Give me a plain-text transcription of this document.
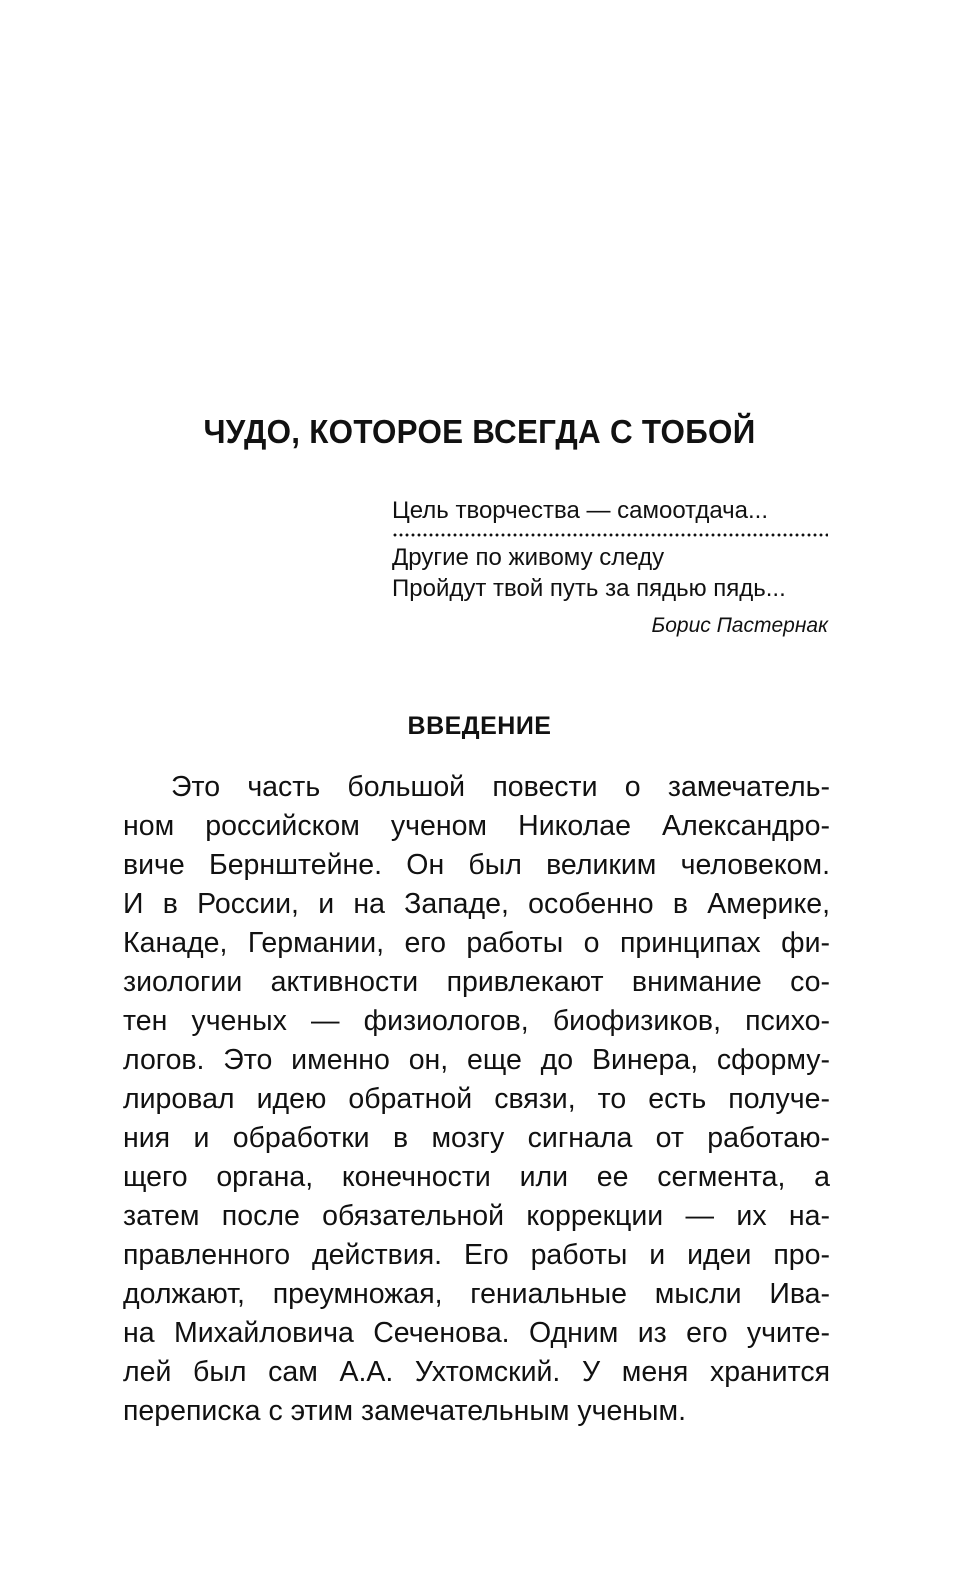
ЧУДО, КОТОРОЕ ВСЕГДА С ТОБОЙ
Цель творчества — самоотдача...
Другие по живому следу
Пройдут твой путь за пядью пядь...
Борис Пастернак
ВВЕДЕНИЕ
Это часть большой повести о замечатель-
ном российском ученом Николае Александро-
виче Бернштейне. Он был великим человеком.
И в России, и на Западе, особенно в Америке,
Канаде, Германии, его работы о принципах фи-
зиологии активности привлекают внимание со-
тен ученых — физиологов, биофизиков, психо-
логов. Это именно он, еще до Винера, сформу-
лировал идею обратной связи, то есть получе-
ния и обработки в мозгу сигнала от работаю-
щего органа, конечности или ее сегмента, а
затем после обязательной коррекции — их на-
правленного действия. Его работы и идеи про-
должают, преумножая, гениальные мысли Ива-
на Михайловича Сеченова. Одним из его учите-
лей был сам А.А. Ухтомский. У меня хранится
переписка с этим замечательным ученым.
